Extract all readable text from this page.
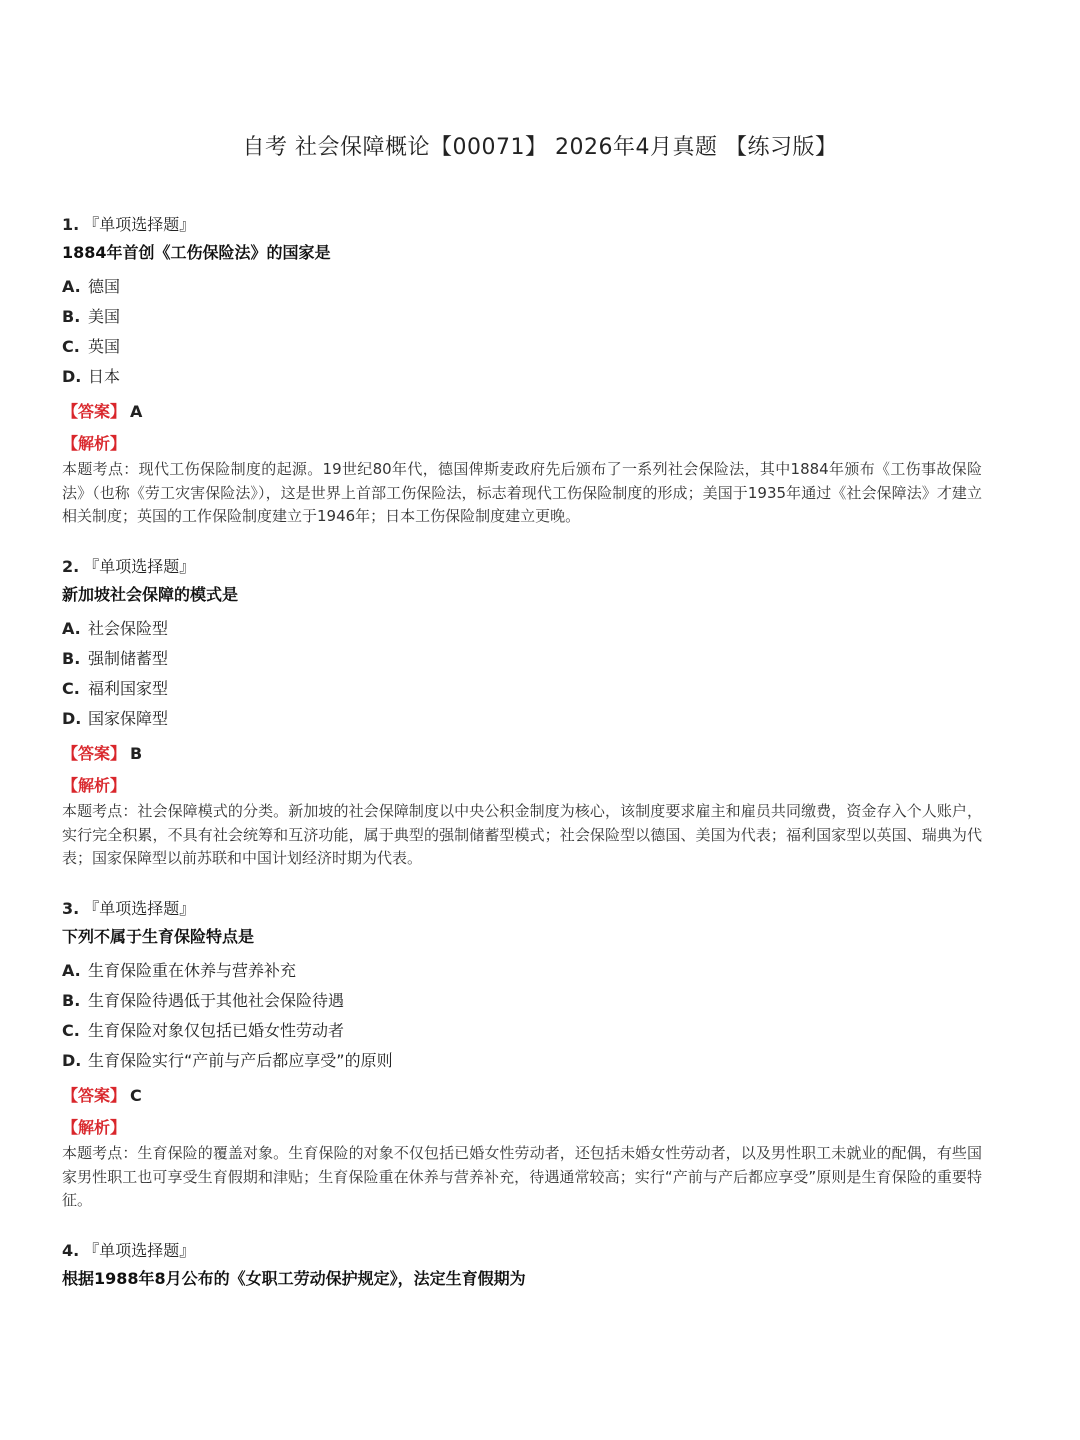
自考 社会保障概论【00071】 2026年4月真题 【练习版】
1. 『单项选择题』
1884年首创《工伤保险法》的国家是
A. 德国
B. 美国
C. 英国
D. 日本
【答案】 A
【解析】
本题考点：现代工伤保险制度的起源。19世纪80年代，德国俾斯麦政府先后颁布了一系列社会保险法，其中1884年颁布《工伤事故保险法》（也称《劳工灾害保险法》），这是世界上首部工伤保险法，标志着现代工伤保险制度的形成；美国于1935年通过《社会保障法》才建立相关制度；英国的工作保险制度建立于1946年；日本工伤保险制度建立更晚。
2. 『单项选择题』
新加坡社会保障的模式是
A. 社会保险型
B. 强制储蓄型
C. 福利国家型
D. 国家保障型
【答案】 B
【解析】
本题考点：社会保障模式的分类。新加坡的社会保障制度以中央公积金制度为核心，该制度要求雇主和雇员共同缴费，资金存入个人账户，实行完全积累，不具有社会统筹和互济功能，属于典型的强制储蓄型模式；社会保险型以德国、美国为代表；福利国家型以英国、瑞典为代表；国家保障型以前苏联和中国计划经济时期为代表。
3. 『单项选择题』
下列不属于生育保险特点是
A. 生育保险重在休养与营养补充
B. 生育保险待遇低于其他社会保险待遇
C. 生育保险对象仅包括已婚女性劳动者
D. 生育保险实行“产前与产后都应享受”的原则
【答案】 C
【解析】
本题考点：生育保险的覆盖对象。生育保险的对象不仅包括已婚女性劳动者，还包括未婚女性劳动者，以及男性职工未就业的配偶，有些国家男性职工也可享受生育假期和津贴；生育保险重在休养与营养补充，待遇通常较高；实行“产前与产后都应享受”原则是生育保险的重要特征。
4. 『单项选择题』
根据1988年8月公布的《女职工劳动保护规定》，法定生育假期为
